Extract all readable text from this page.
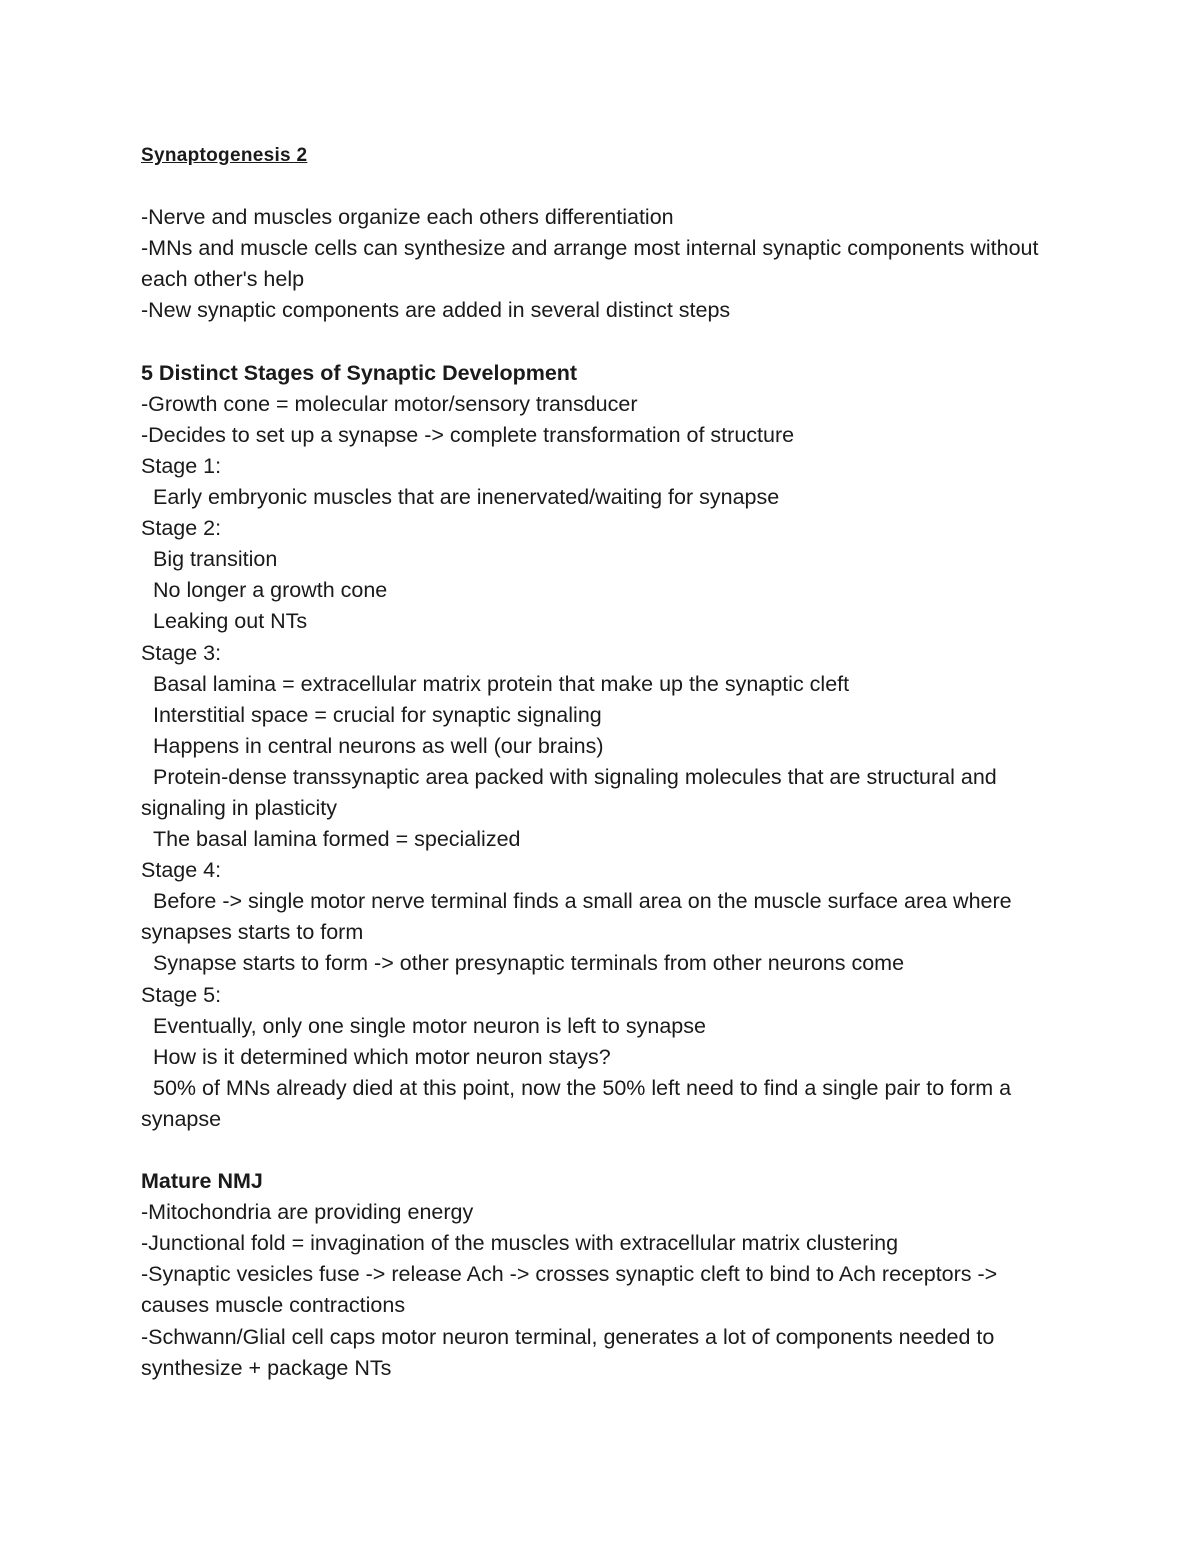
Synaptogenesis 2
-Nerve and muscles organize each others differentiation
-MNs and muscle cells can synthesize and arrange most internal synaptic components without each other's help
-New synaptic components are added in several distinct steps
5 Distinct Stages of Synaptic Development
-Growth cone = molecular motor/sensory transducer
-Decides to set up a synapse -> complete transformation of structure
Stage 1:
Early embryonic muscles that are inenervated/waiting for synapse
Stage 2:
Big transition
No longer a growth cone
Leaking out NTs
Stage 3:
Basal lamina = extracellular matrix protein that make up the synaptic cleft
Interstitial space = crucial for synaptic signaling
Happens in central neurons as well (our brains)
Protein-dense transsynaptic area packed with signaling molecules that are structural and signaling in plasticity
The basal lamina formed = specialized
Stage 4:
Before -> single motor nerve terminal finds a small area on the muscle surface area where synapses starts to form
Synapse starts to form -> other presynaptic terminals from other neurons come
Stage 5:
Eventually, only one single motor neuron is left to synapse
How is it determined which motor neuron stays?
50% of MNs already died at this point, now the 50% left need to find a single pair to form a synapse
Mature NMJ
-Mitochondria are providing energy
-Junctional fold = invagination of the muscles with extracellular matrix clustering
-Synaptic vesicles fuse -> release Ach -> crosses synaptic cleft to bind to Ach receptors -> causes muscle contractions
-Schwann/Glial cell caps motor neuron terminal, generates a lot of components needed to synthesize + package NTs
